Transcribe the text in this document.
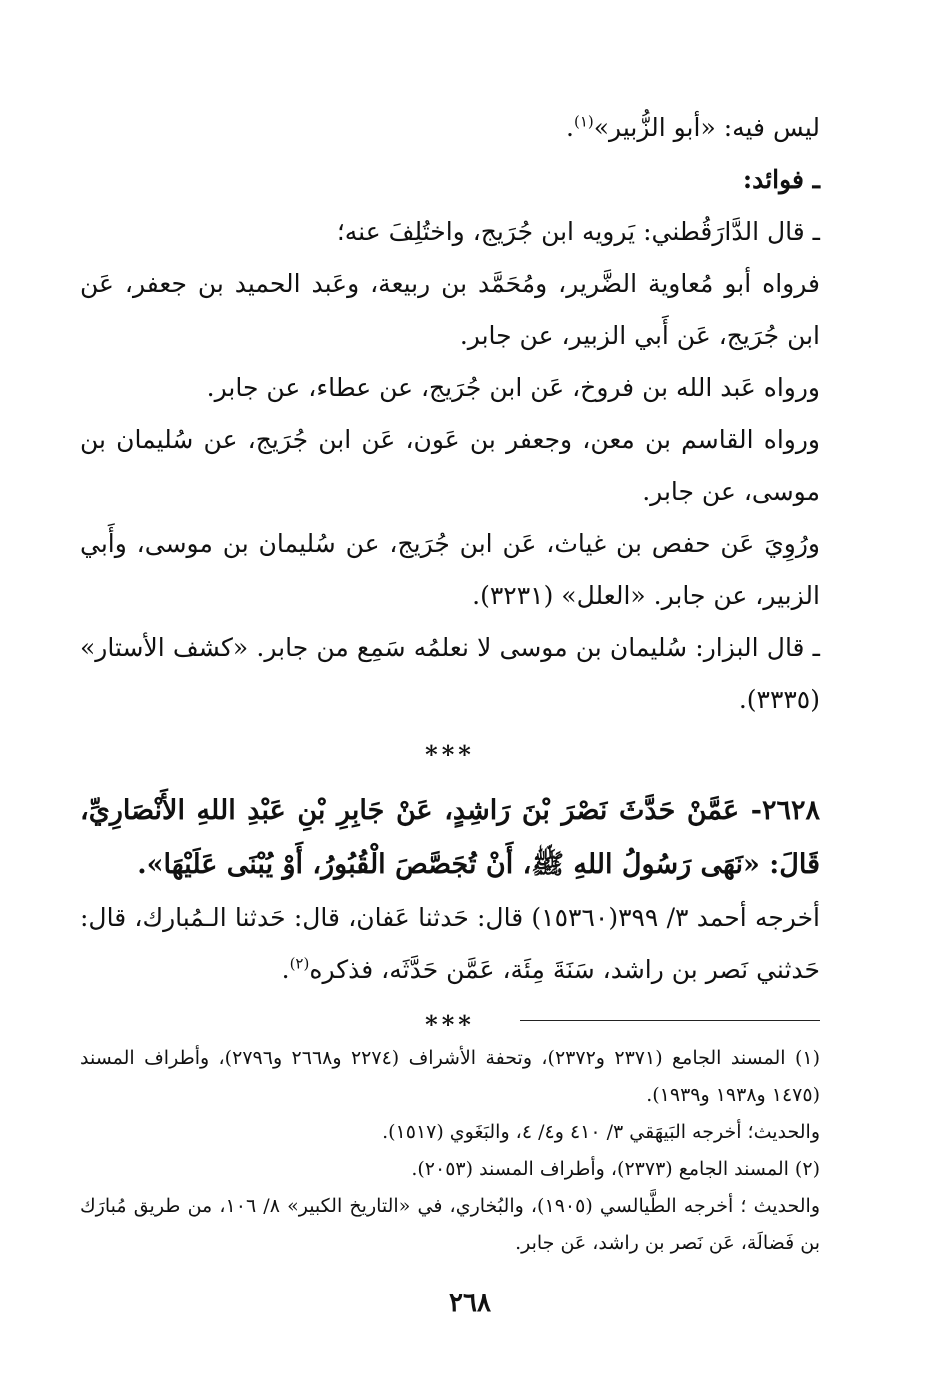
ليس فيه: «أبو الزُّبير»$^{(١)}$.

ـ فوائد:

ـ قال الدَّارَقُطني: يَرويه ابن جُرَيج، واختُلِفَ عنه؛

فرواه أبو مُعاوية الضَّرير، ومُحَمَّد بن ربيعة، وعَبد الحميد بن جعفر، عَن ابن جُرَيج، عَن أَبي الزبير، عن جابر.

ورواه عَبد الله بن فروخ، عَن ابن جُرَيج، عن عطاء، عن جابر.

ورواه القاسم بن معن، وجعفر بن عَون، عَن ابن جُرَيج، عن سُليمان بن موسى، عن جابر.

ورُوِيَ عَن حفص بن غياث، عَن ابن جُرَيج، عن سُليمان بن موسى، وأَبي الزبير، عن جابر. «العلل» (٣٢٣١).

ـ قال البزار: سُليمان بن موسى لا نعلمُه سَمِع من جابر. «كشف الأستار» (٣٣٣٥).

***

٢٦٢٨- عَمَّنْ حَدَّثَ نَصْرَ بْنَ رَاشِدٍ، عَنْ جَابِرِ بْنِ عَبْدِ اللهِ الأَنْصَارِيِّ، قَالَ: «نَهَى رَسُولُ اللهِ ﷺ، أَنْ تُجَصَّصَ الْقُبُورُ، أَوْ يُبْنَى عَلَيْهَا».

أخرجه أحمد ٣/ ٣٩٩(١٥٣٦٠) قال: حَدثنا عَفان، قال: حَدثنا الـمُبارك، قال: حَدثني نَصر بن راشد، سَنَةَ مِئَة، عَمَّن حَدَّثَه، فذكره$^{(٢)}$.

***

(١) المسند الجامع (٢٣٧١ و٢٣٧٢)، وتحفة الأشراف (٢٢٧٤ و٢٦٦٨ و٢٧٩٦)، وأطراف المسند (١٤٧٥ و١٩٣٨ و١٩٣٩).

والحديث؛ أخرجه البَيهَقي ٣/ ٤١٠ و٤/ ٤، والبَغَوي (١٥١٧).

(٢) المسند الجامع (٢٣٧٣)، وأطراف المسند (٢٠٥٣).

والحديث ؛ أخرجه الطَّيالسي (١٩٠٥)، والبُخاري، في «التاريخ الكبير» ٨/ ١٠٦، من طريق مُبارَك بن فَضالَة، عَن نَصر بن راشد، عَن جابر.

٢٦٨
